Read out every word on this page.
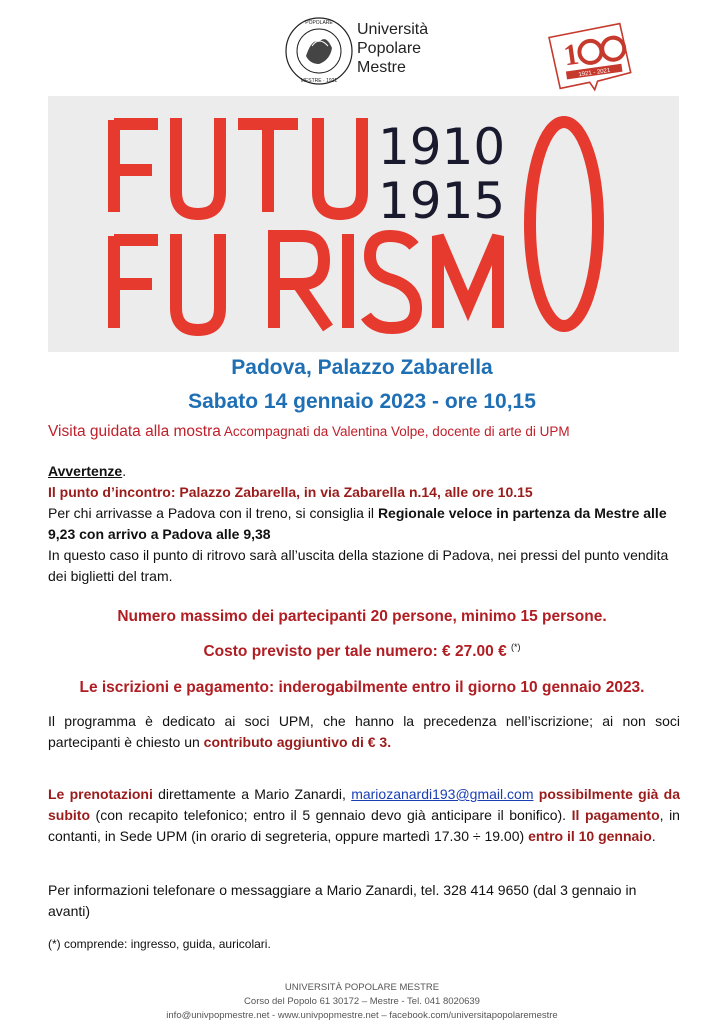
POPOLARE
MESTRE · 1921
Università
Popolare
Mestre	1
1921 - 2021
1910
1915
Padova, Palazzo Zabarella
Sabato 14 gennaio 2023 - ore 10,15
Visita guidata alla mostra Accompagnati da Valentina Volpe, docente di arte di UPM
Avvertenze.
Il punto d’incontro: Palazzo Zabarella, in via Zabarella n.14, alle ore 10.15
Per chi arrivasse a Padova con il treno, si consiglia il Regionale veloce in partenza da Mestre alle 9,23 con arrivo a Padova alle 9,38
In questo caso il punto di ritrovo sarà all’uscita della stazione di Padova, nei pressi del punto vendita dei biglietti del tram.
Numero massimo dei partecipanti 20 persone, minimo 15 persone.
Costo previsto per tale numero: € 27.00 € (*)
Le iscrizioni e pagamento: inderogabilmente entro il giorno 10 gennaio 2023.
Il programma è dedicato ai soci UPM, che hanno la precedenza nell’iscrizione; ai non soci partecipanti è chiesto un contributo aggiuntivo di € 3.
Le prenotazioni direttamente a Mario Zanardi, mariozanardi193@gmail.com possibilmente già da subito (con recapito telefonico; entro il 5 gennaio devo già anticipare il bonifico). Il pagamento, in contanti, in Sede UPM (in orario di segreteria, oppure martedì 17.30 ÷ 19.00) entro il 10 gennaio.
Per informazioni telefonare o messaggiare a Mario Zanardi, tel. 328 414 9650 (dal 3 gennaio in avanti)
(*) comprende: ingresso, guida, auricolari.
UNIVERSITÀ POPOLARE MESTRE
Corso del Popolo 61 30172 – Mestre - Tel. 041 8020639
info@univpopmestre.net - www.univpopmestre.net – facebook.com/universitapopolaremestre
